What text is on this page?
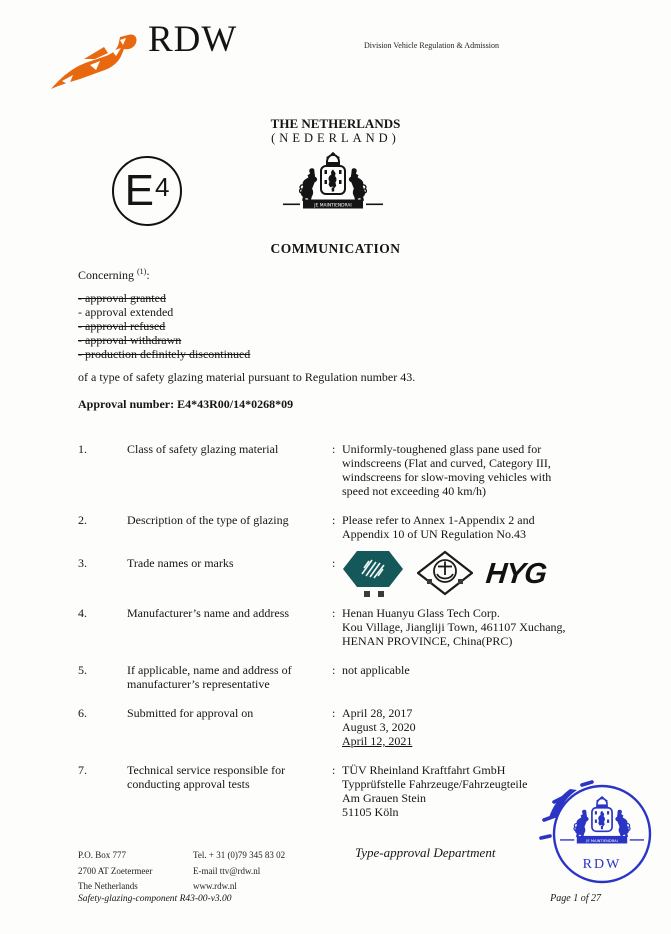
RDW	Division Vehicle Regulation & Admission
THE NETHERLANDS
(NEDERLAND)
E 4
JE MAINTIENDRAI
COMMUNICATION
Concerning $^{(1)}$:
- approval granted
- approval extended
- approval refused
- approval withdrawn
- production definitely discontinued
of a type of safety glazing material pursuant to Regulation number 43.
Approval number: E4*43R00/14*0268*09
1.	Class of safety glazing material	: Uniformly-toughened glass pane used for
windscreens (Flat and curved, Category III,
windscreens for slow-moving vehicles with
speed not exceeding 40 km/h)
2.	Description of the type of glazing	: Please refer to Annex 1-Appendix 2 and
Appendix 10 of UN Regulation No.43
3.	Trade names or marks	:	HYG
4.	Manufacturer’s name and address	: Henan Huanyu Glass Tech Corp.
Kou Village, Jiangliji Town, 461107 Xuchang,
HENAN PROVINCE, China(PRC)
5.	If applicable, name and address of
manufacturer’s representative
: not applicable
6.	Submitted for approval on	: April 28, 2017
August 3, 2020
April 12, 2021
7.	Technical service responsible for
conducting approval tests
: TÜV Rheinland Kraftfahrt GmbH
Typprüfstelle Fahrzeuge/Fahrzeugteile
Am Grauen Stein
51105 Köln
P.O. Box 777
2700 AT Zoetermeer
The Netherlands
Tel. + 31 (0)79 345 83 02
E-mail ttv@rdw.nl
www.rdw.nl
Type-approval Department
JE MAINTIENDRAI
RDW
Safety-glazing-component R43-00-v3.00	Page 1 of 27
